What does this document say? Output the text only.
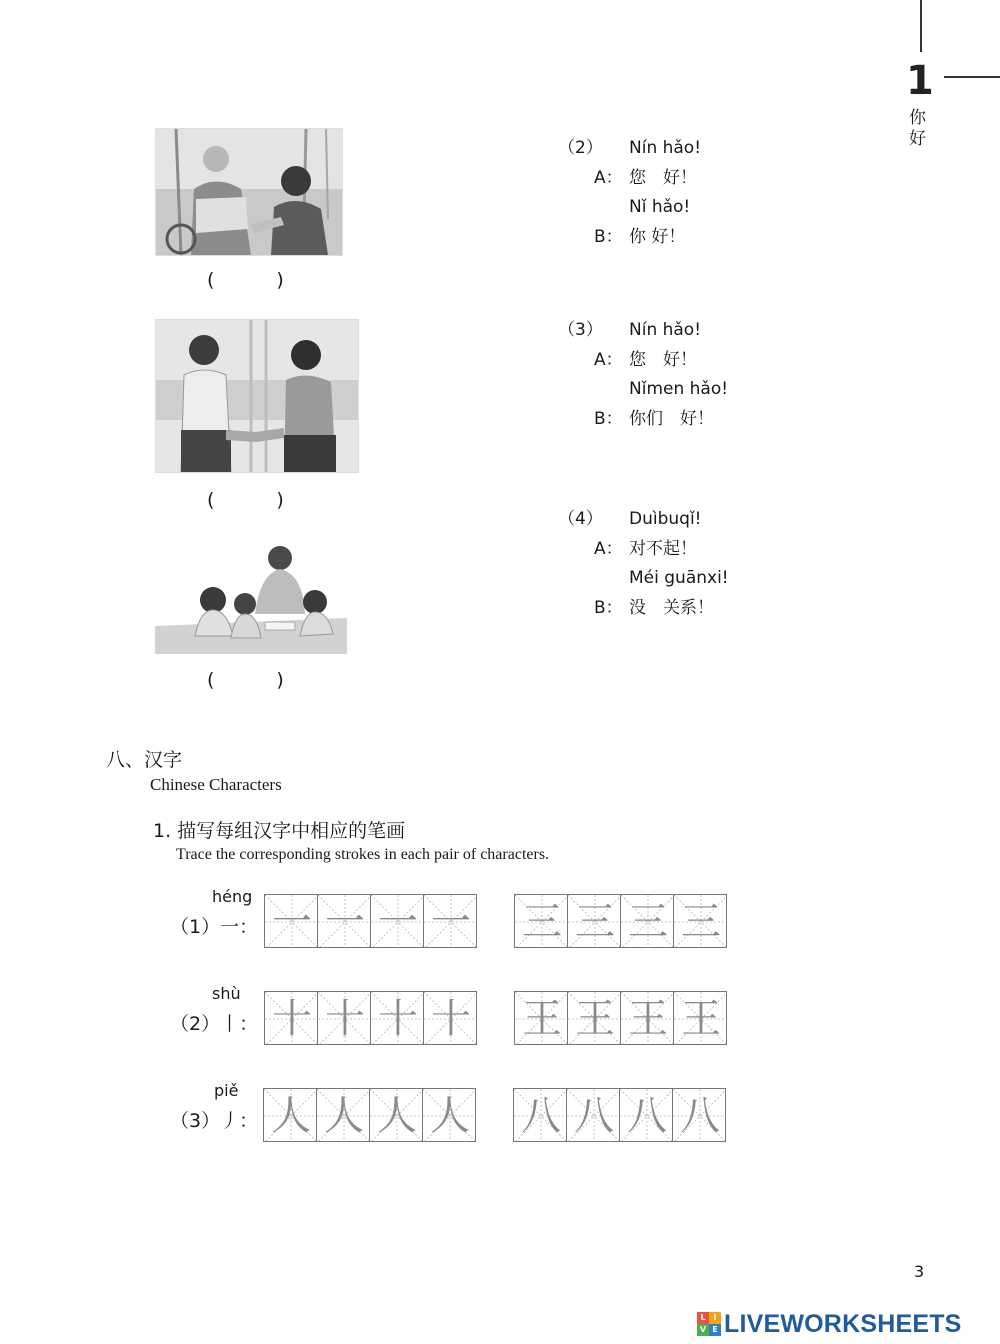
1
你好
(	)
(	)
(	)
（2） Nín hǎo!
A： 您　好！
Nǐ hǎo!
B： 你 好！
（3） Nín hǎo!
A： 您　好！
Nǐmen hǎo!
B： 你们　好！
（4） Duìbuqǐ!
A： 对不起！
Méi guānxi!
B： 没　关系！
八、汉字
Chinese Characters
1. 描写每组汉字中相应的笔画
Trace the corresponding strokes in each pair of characters.
héng
（1）一： 一 一 一 一 三 三 三 三
shù
（2）丨： 十 十 十 十 王 王 王 王
piě
（3）丿： 人 人 人 人 八 八 八 八
3
L I
V E LIVEWORKSHEETS
